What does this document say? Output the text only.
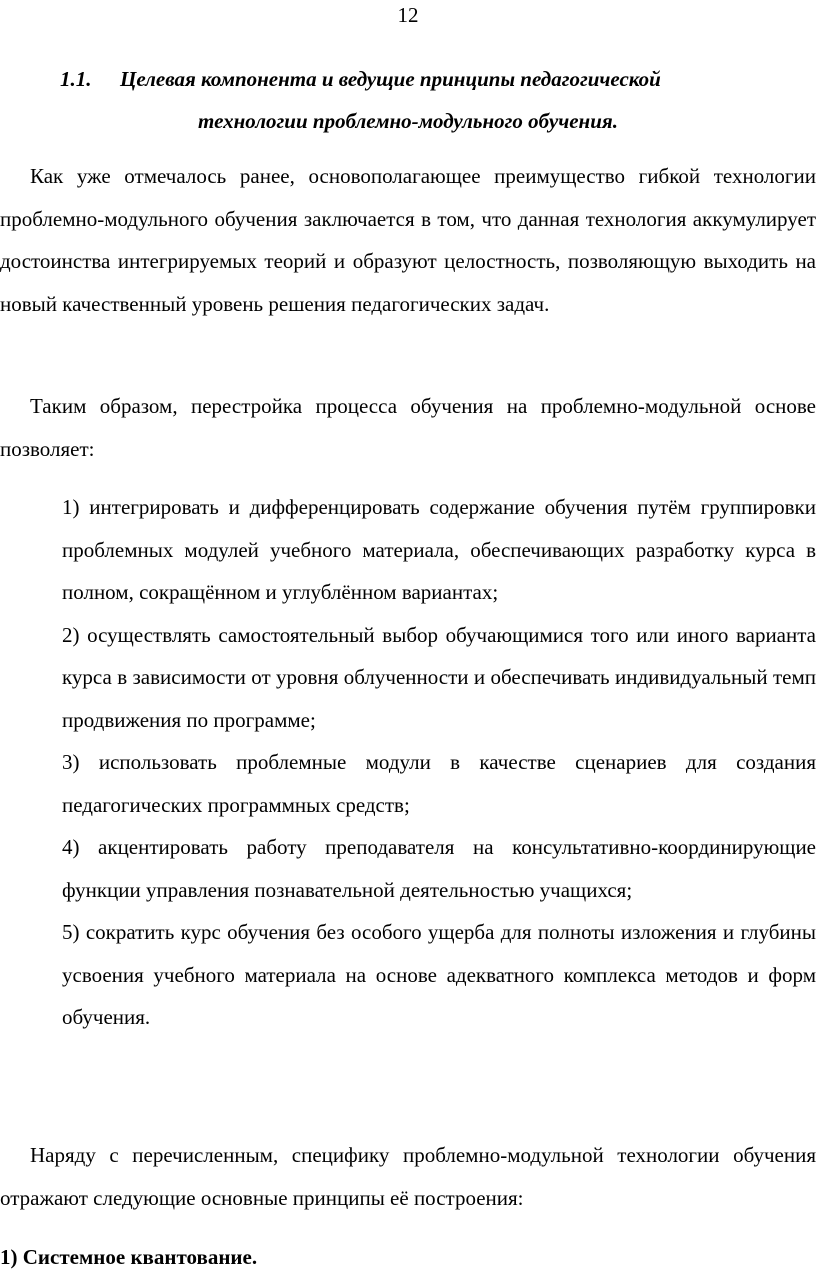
12
1.1. Целевая компонента и ведущие принципы педагогической
технологии проблемно-модульного обучения.

Как уже отмечалось ранее, основополагающее преимущество гибкой технологии проблемно-модульного обучения заключается в том, что данная технология аккумулирует достоинства интегрируемых теорий и образуют целостность, позволяющую выходить на новый качественный уровень решения педагогических задач.

Таким образом, перестройка процесса обучения на проблемно-модульной основе позволяет:

1) интегрировать и дифференцировать содержание обучения путём группировки проблемных модулей учебного материала, обеспечивающих разработку курса в полном, сокращённом и углублённом вариантах;
2) осуществлять самостоятельный выбор обучающимися того или иного варианта курса в зависимости от уровня облученности и обеспечивать индивидуальный темп продвижения по программе;
3) использовать проблемные модули в качестве сценариев для создания педагогических программных средств;
4) акцентировать работу преподавателя на консультативно-координирующие функции управления познавательной деятельностью учащихся;
5) сократить курс обучения без особого ущерба для полноты изложения и глубины усвоения учебного материала на основе адекватного комплекса методов и форм обучения.

Наряду с перечисленным, специфику проблемно-модульной технологии обучения отражают следующие основные принципы её построения:

1) Системное квантование.
